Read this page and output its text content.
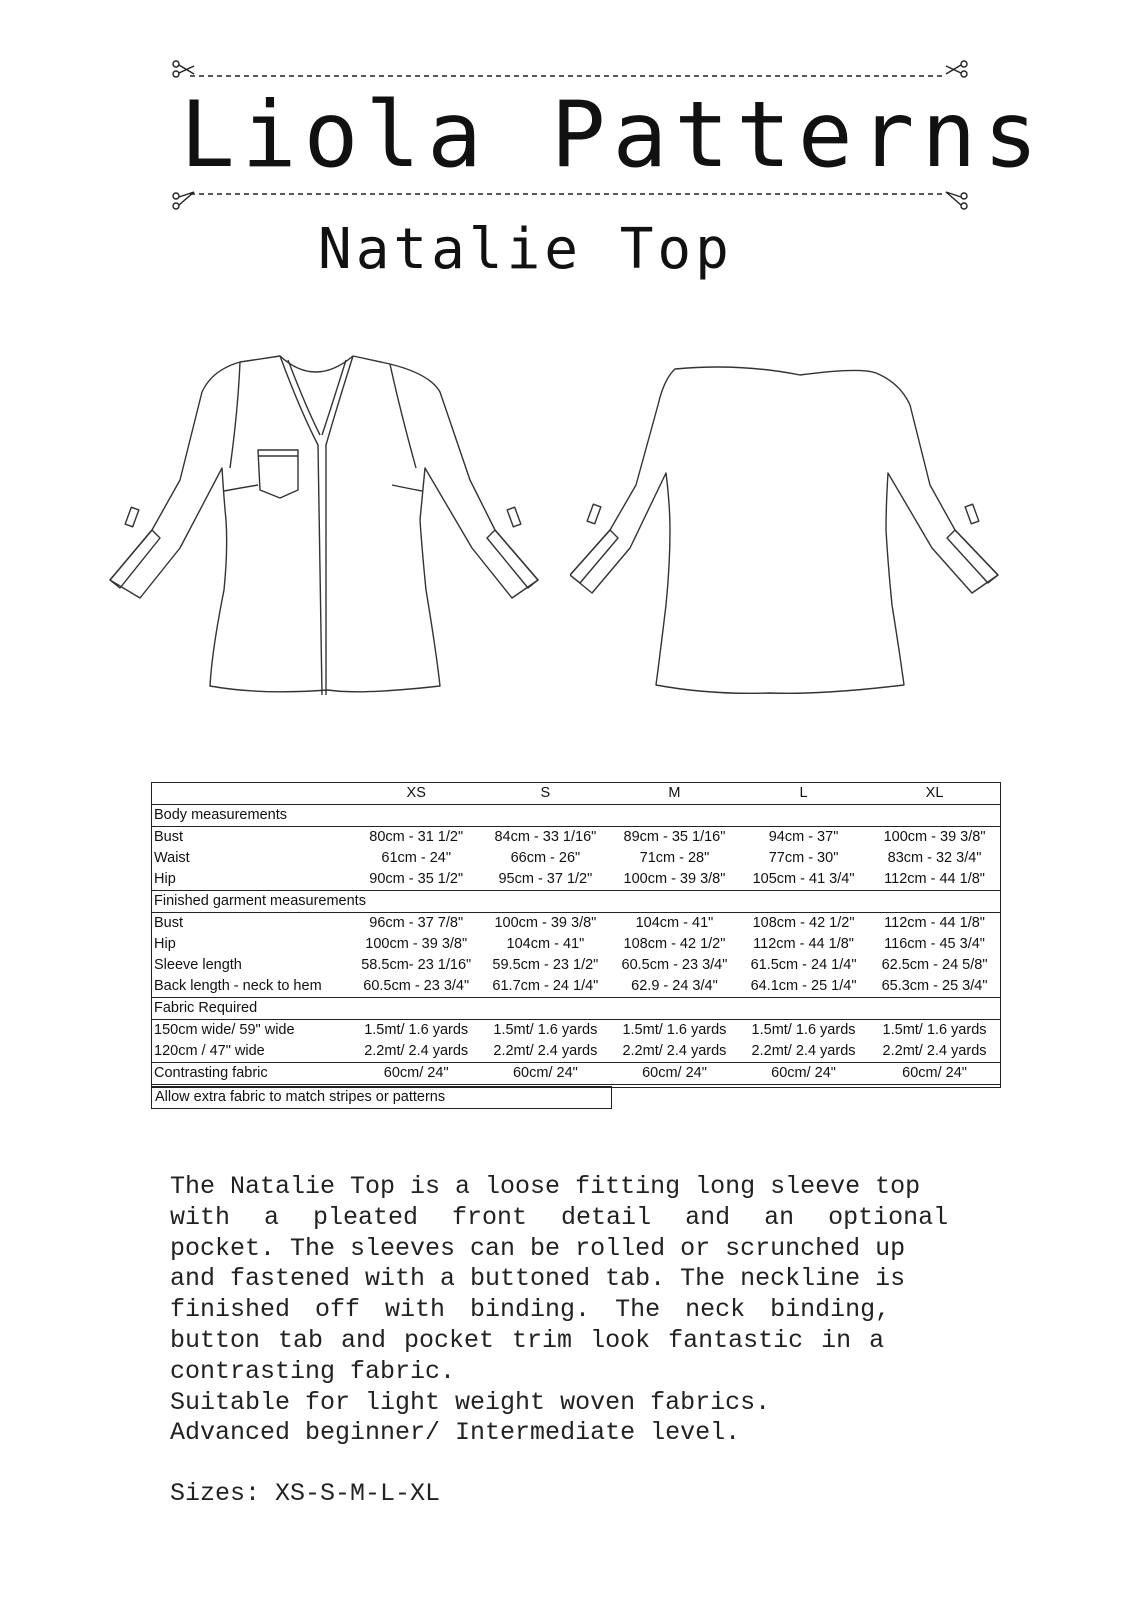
Liola Patterns
Natalie Top
	XS	S	M	L	XL
Body measurements					
Bust	80cm - 31 1/2"	84cm - 33 1/16"	89cm - 35 1/16"	94cm - 37"	100cm - 39 3/8"
Waist	61cm - 24"	66cm - 26"	71cm - 28"	77cm - 30"	83cm - 32 3/4"
Hip	90cm - 35 1/2"	95cm - 37 1/2"	100cm - 39 3/8"	105cm - 41 3/4"	112cm - 44 1/8"
Finished garment measurements					
Bust	96cm - 37 7/8"	100cm - 39 3/8"	104cm - 41"	108cm - 42 1/2"	112cm - 44 1/8"
Hip	100cm - 39 3/8"	104cm - 41"	108cm - 42 1/2"	112cm - 44 1/8"	116cm - 45 3/4"
Sleeve length	58.5cm- 23 1/16"	59.5cm - 23 1/2"	60.5cm - 23 3/4"	61.5cm - 24 1/4"	62.5cm - 24 5/8"
Back length - neck to hem	60.5cm - 23 3/4"	61.7cm - 24 1/4"	62.9 - 24 3/4"	64.1cm - 25 1/4"	65.3cm - 25 3/4"
Fabric Required					
150cm wide/ 59" wide	1.5mt/ 1.6 yards	1.5mt/ 1.6 yards	1.5mt/ 1.6 yards	1.5mt/ 1.6 yards	1.5mt/ 1.6 yards
120cm / 47" wide	2.2mt/ 2.4 yards	2.2mt/ 2.4 yards	2.2mt/ 2.4 yards	2.2mt/ 2.4 yards	2.2mt/ 2.4 yards
Contrasting fabric	60cm/ 24"	60cm/ 24"	60cm/ 24"	60cm/ 24"	60cm/ 24"
Allow extra fabric to match stripes or patterns

The Natalie Top is a loose fitting long sleeve top
with a pleated front detail and an optional
pocket. The sleeves can be rolled or scrunched up
and fastened with a buttoned tab. The neckline is
finished off with binding. The neck binding,
button tab and pocket trim look fantastic in a
contrasting fabric.
Suitable for light weight woven fabrics.
Advanced beginner/ Intermediate level.

Sizes: XS-S-M-L-XL
